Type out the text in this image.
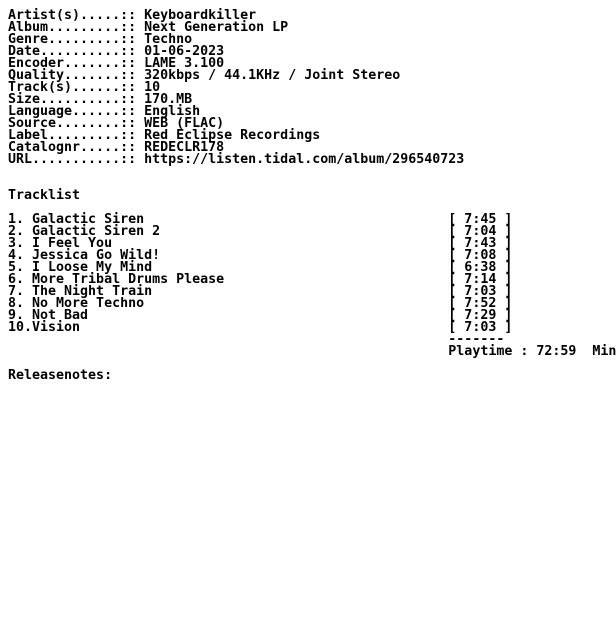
Artist(s).....:: Keyboardkiller
Album.........:: Next Generation LP
Genre.........:: Techno
Date..........:: 01-06-2023
Encoder.......:: LAME 3.100
Quality.......:: 320kbps / 44.1KHz / Joint Stereo
Track(s)......:: 10
Size..........:: 170.MB
Language......:: English
Source........:: WEB (FLAC)
Label.........:: Red Eclipse Recordings
Catalognr.....:: REDECLR178
URL...........:: https://listen.tidal.com/album/296540723
Tracklist
1. Galactic Siren                                      [ 7:45 ]
2. Galactic Siren 2                                    [ 7:04 ]
3. I Feel You                                          [ 7:43 ]
4. Jessica Go Wild!                                    [ 7:08 ]
5. I Loose My Mind                                     [ 6:38 ]
6. More Tribal Drums Please                            [ 7:14 ]
7. The Night Train                                     [ 7:03 ]
8. No More Techno                                      [ 7:52 ]
9. Not Bad                                             [ 7:29 ]
10.Vision                                              [ 7:03 ]
-------
Playtime : 72:59  Min
Releasenotes:
